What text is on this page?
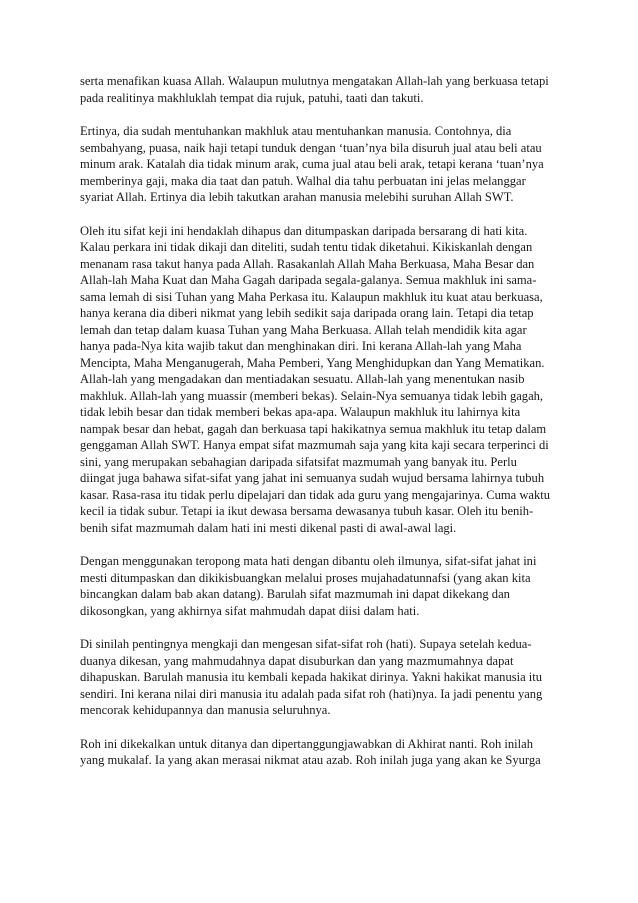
serta menafikan kuasa Allah. Walaupun mulutnya mengatakan Allah-lah yang berkuasa tetapi
pada realitinya makhluklah tempat dia rujuk, patuhi, taati dan takuti.

Ertinya, dia sudah mentuhankan makhluk atau mentuhankan manusia. Contohnya, dia
sembahyang, puasa, naik haji tetapi tunduk dengan ‘tuan’nya bila disuruh jual atau beli atau
minum arak. Katalah dia tidak minum arak, cuma jual atau beli arak, tetapi kerana ‘tuan’nya
memberinya gaji, maka dia taat dan patuh. Walhal dia tahu perbuatan ini jelas melanggar
syariat Allah. Ertinya dia lebih takutkan arahan manusia melebihi suruhan Allah SWT.

Oleh itu sifat keji ini hendaklah dihapus dan ditumpaskan daripada bersarang di hati kita.
Kalau perkara ini tidak dikaji dan diteliti, sudah tentu tidak diketahui. Kikiskanlah dengan
menanam rasa takut hanya pada Allah. Rasakanlah Allah Maha Berkuasa, Maha Besar dan
Allah-lah Maha Kuat dan Maha Gagah daripada segala-galanya. Semua makhluk ini sama-
sama lemah di sisi Tuhan yang Maha Perkasa itu. Kalaupun makhluk itu kuat atau berkuasa,
hanya kerana dia diberi nikmat yang lebih sedikit saja daripada orang lain. Tetapi dia tetap
lemah dan tetap dalam kuasa Tuhan yang Maha Berkuasa. Allah telah mendidik kita agar
hanya pada-Nya kita wajib takut dan menghinakan diri. Ini kerana Allah-lah yang Maha
Mencipta, Maha Menganugerah, Maha Pemberi, Yang Menghidupkan dan Yang Mematikan.
Allah-lah yang mengadakan dan mentiadakan sesuatu. Allah-lah yang menentukan nasib
makhluk. Allah-lah yang muassir (memberi bekas). Selain-Nya semuanya tidak lebih gagah,
tidak lebih besar dan tidak memberi bekas apa-apa. Walaupun makhluk itu lahirnya kita
nampak besar dan hebat, gagah dan berkuasa tapi hakikatnya semua makhluk itu tetap dalam
genggaman Allah SWT. Hanya empat sifat mazmumah saja yang kita kaji secara terperinci di
sini, yang merupakan sebahagian daripada sifatsifat mazmumah yang banyak itu. Perlu
diingat juga bahawa sifat-sifat yang jahat ini semuanya sudah wujud bersama lahirnya tubuh
kasar. Rasa-rasa itu tidak perlu dipelajari dan tidak ada guru yang mengajarinya. Cuma waktu
kecil ia tidak subur. Tetapi ia ikut dewasa bersama dewasanya tubuh kasar. Oleh itu benih-
benih sifat mazmumah dalam hati ini mesti dikenal pasti di awal-awal lagi.

Dengan menggunakan teropong mata hati dengan dibantu oleh ilmunya, sifat-sifat jahat ini
mesti ditumpaskan dan dikikisbuangkan melalui proses mujahadatunnafsi (yang akan kita
bincangkan dalam bab akan datang). Barulah sifat mazmumah ini dapat dikekang dan
dikosongkan, yang akhirnya sifat mahmudah dapat diisi dalam hati.

Di sinilah pentingnya mengkaji dan mengesan sifat-sifat roh (hati). Supaya setelah kedua-
duanya dikesan, yang mahmudahnya dapat disuburkan dan yang mazmumahnya dapat
dihapuskan. Barulah manusia itu kembali kepada hakikat dirinya. Yakni hakikat manusia itu
sendiri. Ini kerana nilai diri manusia itu adalah pada sifat roh (hati)nya. Ia jadi penentu yang
mencorak kehidupannya dan manusia seluruhnya.

Roh ini dikekalkan untuk ditanya dan dipertanggungjawabkan di Akhirat nanti. Roh inilah
yang mukalaf. Ia yang akan merasai nikmat atau azab. Roh inilah juga yang akan ke Syurga
